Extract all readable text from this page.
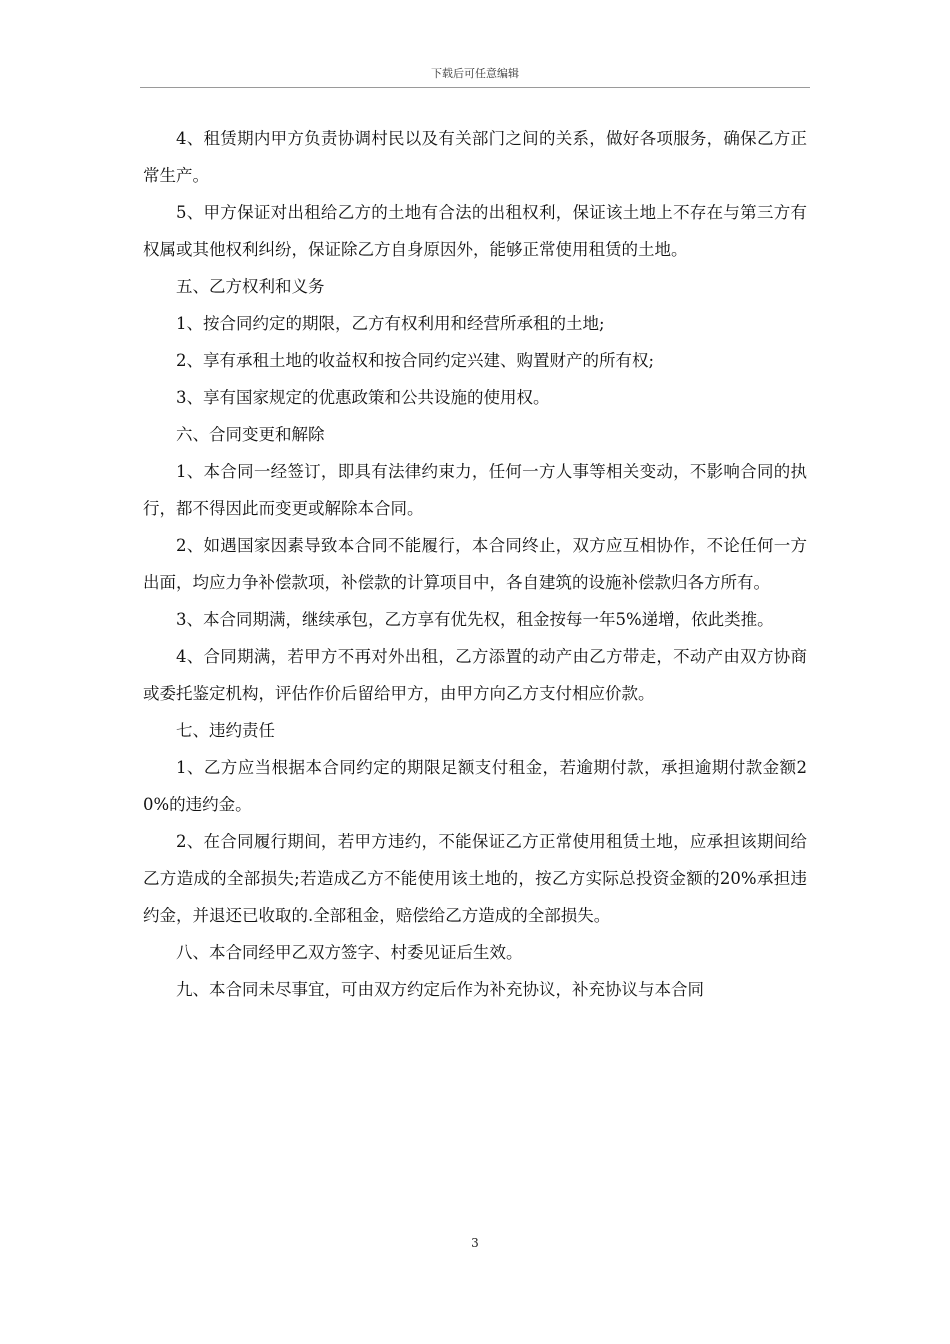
下载后可任意编辑

4、租赁期内甲方负责协调村民以及有关部门之间的关系，做好各项服务，确保乙方正常生产。

5、甲方保证对出租给乙方的土地有合法的出租权利，保证该土地上不存在与第三方有权属或其他权利纠纷，保证除乙方自身原因外，能够正常使用租赁的土地。

五、乙方权利和义务

1、按合同约定的期限，乙方有权利用和经营所承租的土地;

2、享有承租土地的收益权和按合同约定兴建、购置财产的所有权;

3、享有国家规定的优惠政策和公共设施的使用权。

六、合同变更和解除

1、本合同一经签订，即具有法律约束力，任何一方人事等相关变动，不影响合同的执行，都不得因此而变更或解除本合同。

2、如遇国家因素导致本合同不能履行，本合同终止，双方应互相协作，不论任何一方出面，均应力争补偿款项，补偿款的计算项目中，各自建筑的设施补偿款归各方所有。

3、本合同期满，继续承包，乙方享有优先权，租金按每一年5%递增，依此类推。

4、合同期满，若甲方不再对外出租，乙方添置的动产由乙方带走，不动产由双方协商或委托鉴定机构，评估作价后留给甲方，由甲方向乙方支付相应价款。

七、违约责任

1、乙方应当根据本合同约定的期限足额支付租金，若逾期付款，承担逾期付款金额20%的违约金。

2、在合同履行期间，若甲方违约，不能保证乙方正常使用租赁土地，应承担该期间给乙方造成的全部损失;若造成乙方不能使用该土地的，按乙方实际总投资金额的20%承担违约金，并退还已收取的.全部租金，赔偿给乙方造成的全部损失。

八、本合同经甲乙双方签字、村委见证后生效。

九、本合同未尽事宜，可由双方约定后作为补充协议，补充协议与本合同

3
